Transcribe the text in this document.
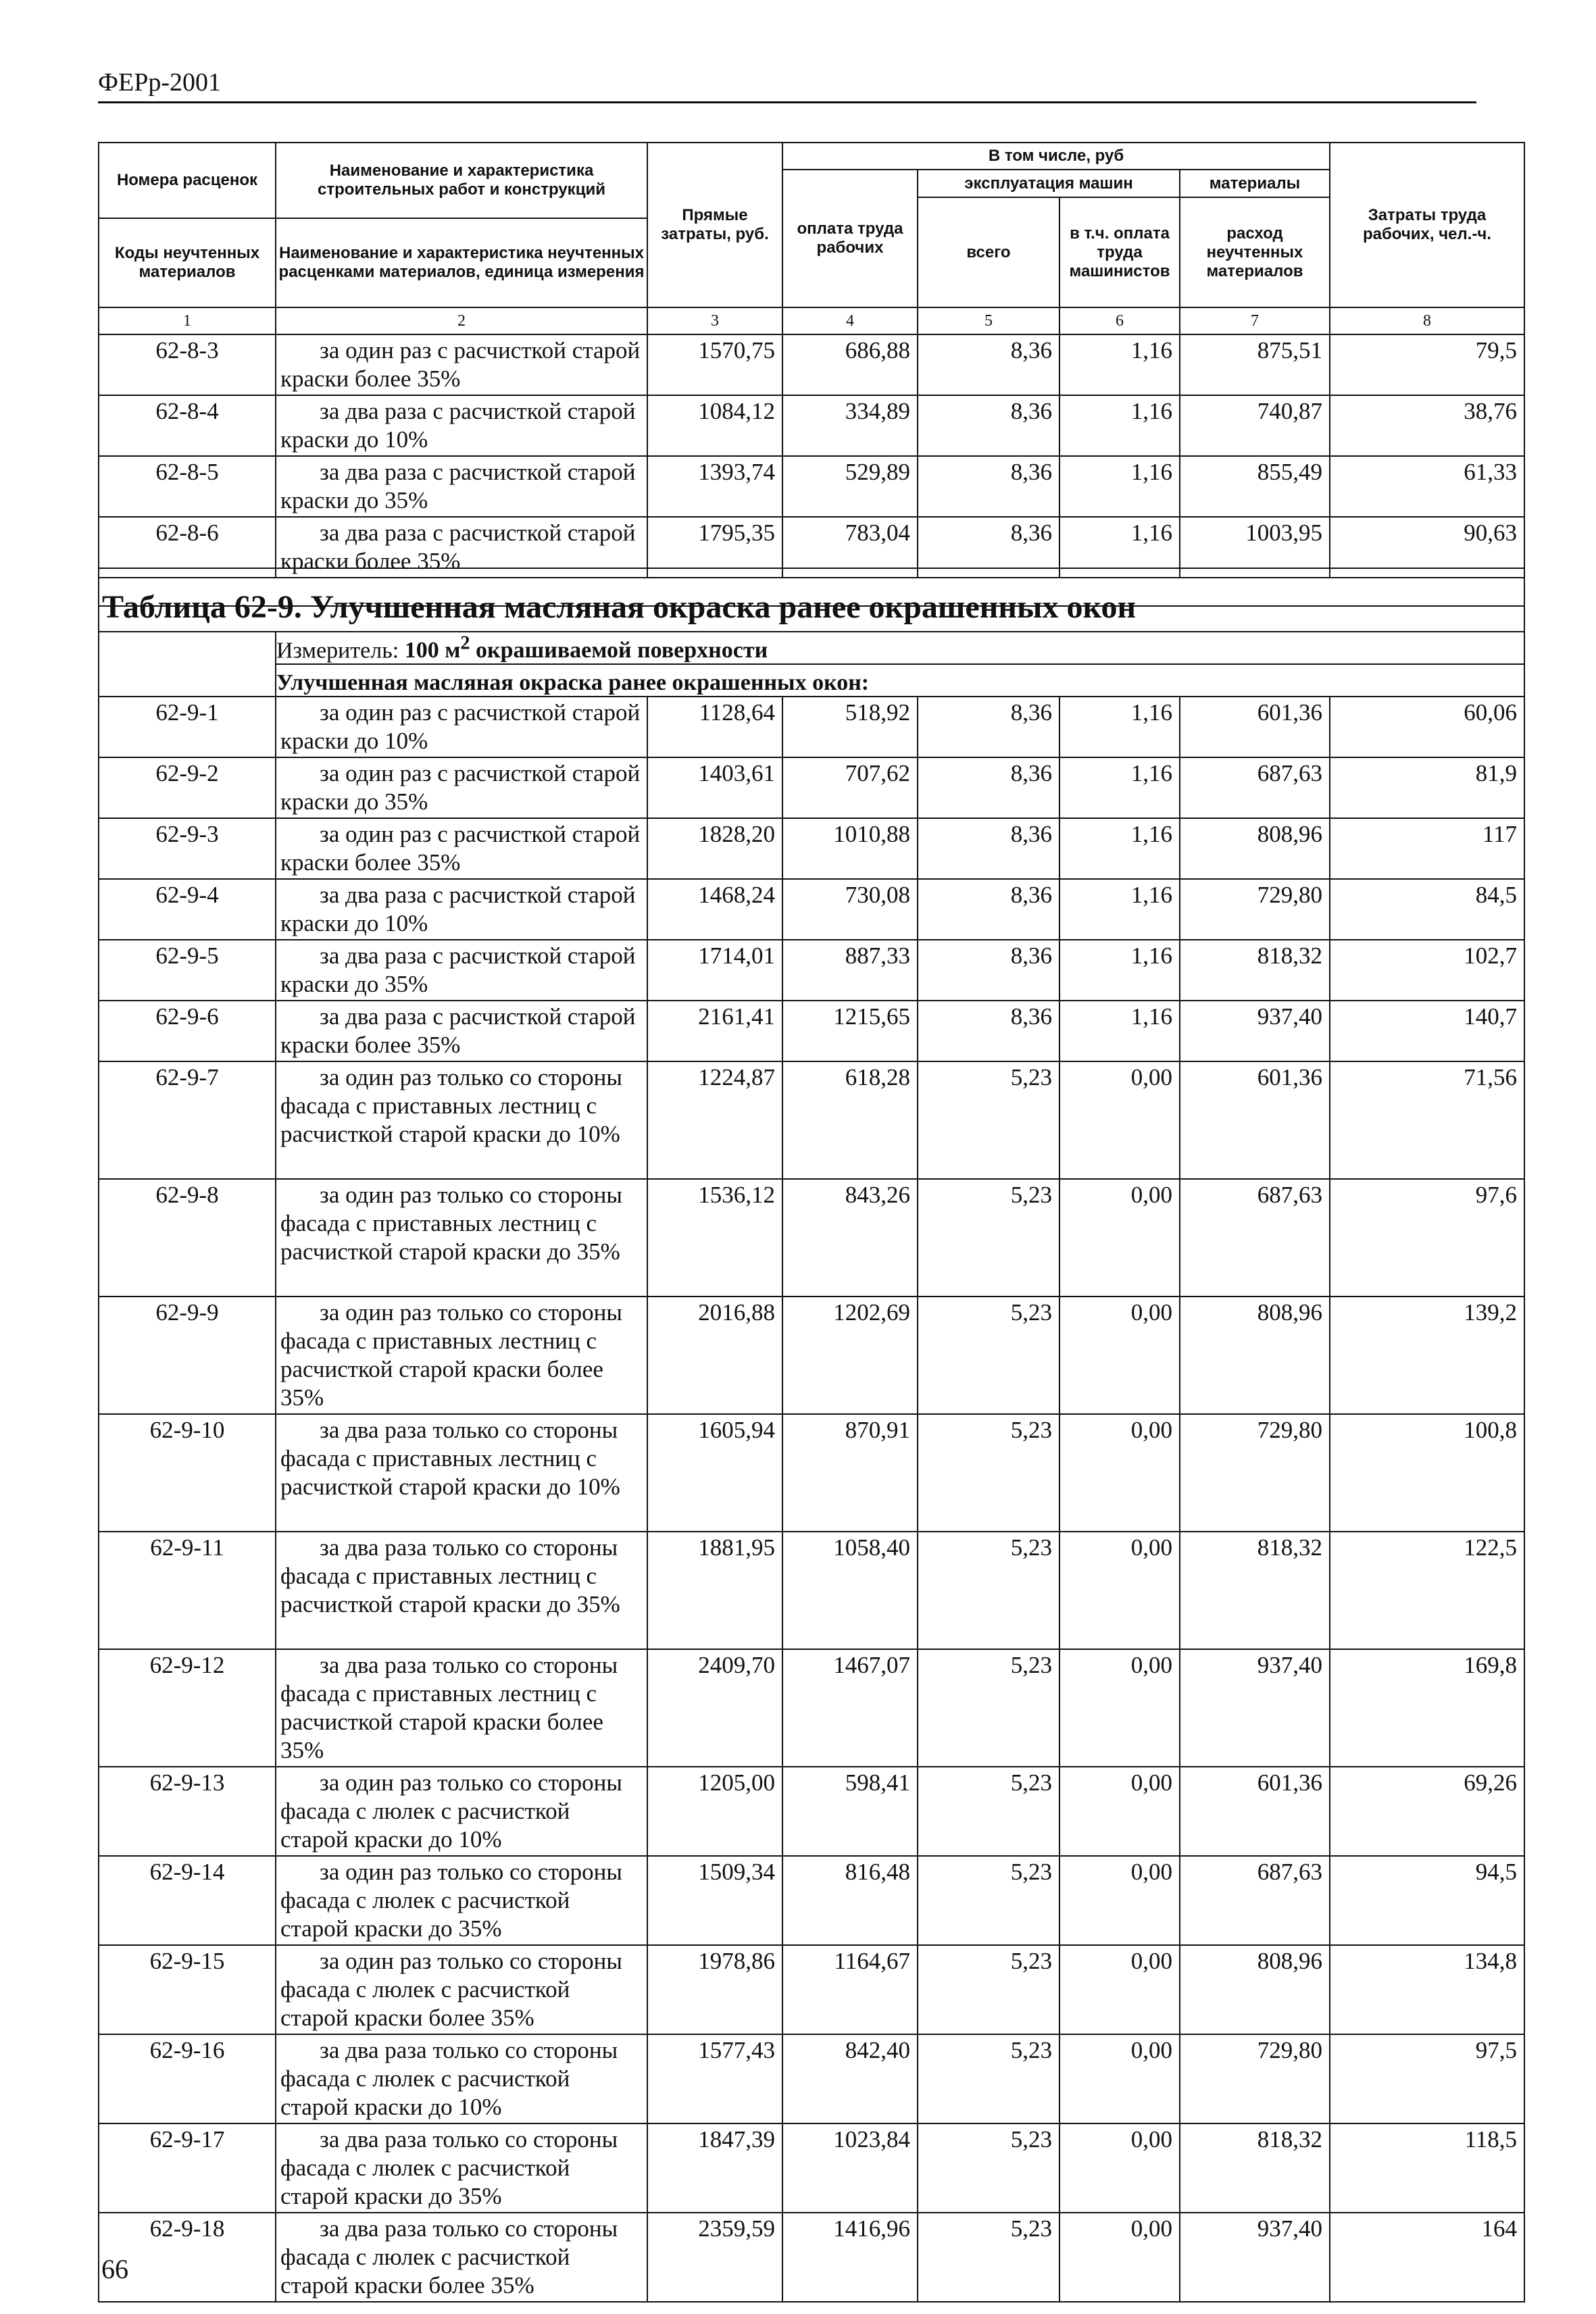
ФЕРр-2001
Номера расценок	Наименование и характеристика строительных работ и конструкций	Прямые затраты, руб.	В том числе, руб				Затраты труда рабочих, чел.-ч.
			оплата труда рабочих	эксплуатация машин		материалы	
				всего	в т.ч. оплата труда машинистов	расход неучтенных материалов	
Коды неучтенных материалов	Наименование и характеристика неучтенных расценками материалов, единица измерения						

1	2	3	4	5	6	7	8
62-8-3	за один раз с расчисткой старой краски более 35%	1570,75	686,88	8,36	1,16	875,51	79,5
62-8-4	за два раза с расчисткой старой краски до 10%	1084,12	334,89	8,36	1,16	740,87	38,76
62-8-5	за два раза с расчисткой старой краски до 35%	1393,74	529,89	8,36	1,16	855,49	61,33
62-8-6	за два раза с расчисткой старой краски более 35%	1795,35	783,04	8,36	1,16	1003,95	90,63

Таблица 62-9. Улучшенная масляная окраска ранее окрашенных окон							

	Измеритель: 100 $м^2$ окрашиваемой поверхности						
	Улучшенная масляная окраска ранее окрашенных окон:						
62-9-1	за один раз с расчисткой старой краски до 10%	1128,64	518,92	8,36	1,16	601,36	60,06
62-9-2	за один раз с расчисткой старой краски до 35%	1403,61	707,62	8,36	1,16	687,63	81,9
62-9-3	за один раз с расчисткой старой краски более 35%	1828,20	1010,88	8,36	1,16	808,96	117
62-9-4	за два раза с расчисткой старой краски до 10%	1468,24	730,08	8,36	1,16	729,80	84,5
62-9-5	за два раза с расчисткой старой краски до 35%	1714,01	887,33	8,36	1,16	818,32	102,7
62-9-6	за два раза с расчисткой старой краски более 35%	2161,41	1215,65	8,36	1,16	937,40	140,7
62-9-7	за один раз только со стороны фасада с приставных лестниц с расчисткой старой краски до 10%	1224,87	618,28	5,23	0,00	601,36	71,56
62-9-8	за один раз только со стороны фасада с приставных лестниц с расчисткой старой краски до 35%	1536,12	843,26	5,23	0,00	687,63	97,6
62-9-9	за один раз только со стороны фасада с приставных лестниц с расчисткой старой краски более 35%	2016,88	1202,69	5,23	0,00	808,96	139,2
62-9-10	за два раза только со стороны фасада с приставных лестниц с расчисткой старой краски до 10%	1605,94	870,91	5,23	0,00	729,80	100,8
62-9-11	за два раза только со стороны фасада с приставных лестниц с расчисткой старой краски до 35%	1881,95	1058,40	5,23	0,00	818,32	122,5
62-9-12	за два раза только со стороны фасада с приставных лестниц с расчисткой старой краски более 35%	2409,70	1467,07	5,23	0,00	937,40	169,8
62-9-13	за один раз только со стороны фасада с люлек с расчисткой старой краски до 10%	1205,00	598,41	5,23	0,00	601,36	69,26
62-9-14	за один раз только со стороны фасада с люлек с расчисткой старой краски до 35%	1509,34	816,48	5,23	0,00	687,63	94,5
62-9-15	за один раз только со стороны фасада с люлек с расчисткой старой краски более 35%	1978,86	1164,67	5,23	0,00	808,96	134,8
62-9-16	за два раза только со стороны фасада с люлек с расчисткой старой краски до 10%	1577,43	842,40	5,23	0,00	729,80	97,5
62-9-17	за два раза только со стороны фасада с люлек с расчисткой старой краски до 35%	1847,39	1023,84	5,23	0,00	818,32	118,5
62-9-18	за два раза только со стороны фасада с люлек с расчисткой старой краски более 35%	2359,59	1416,96	5,23	0,00	937,40	164
66
